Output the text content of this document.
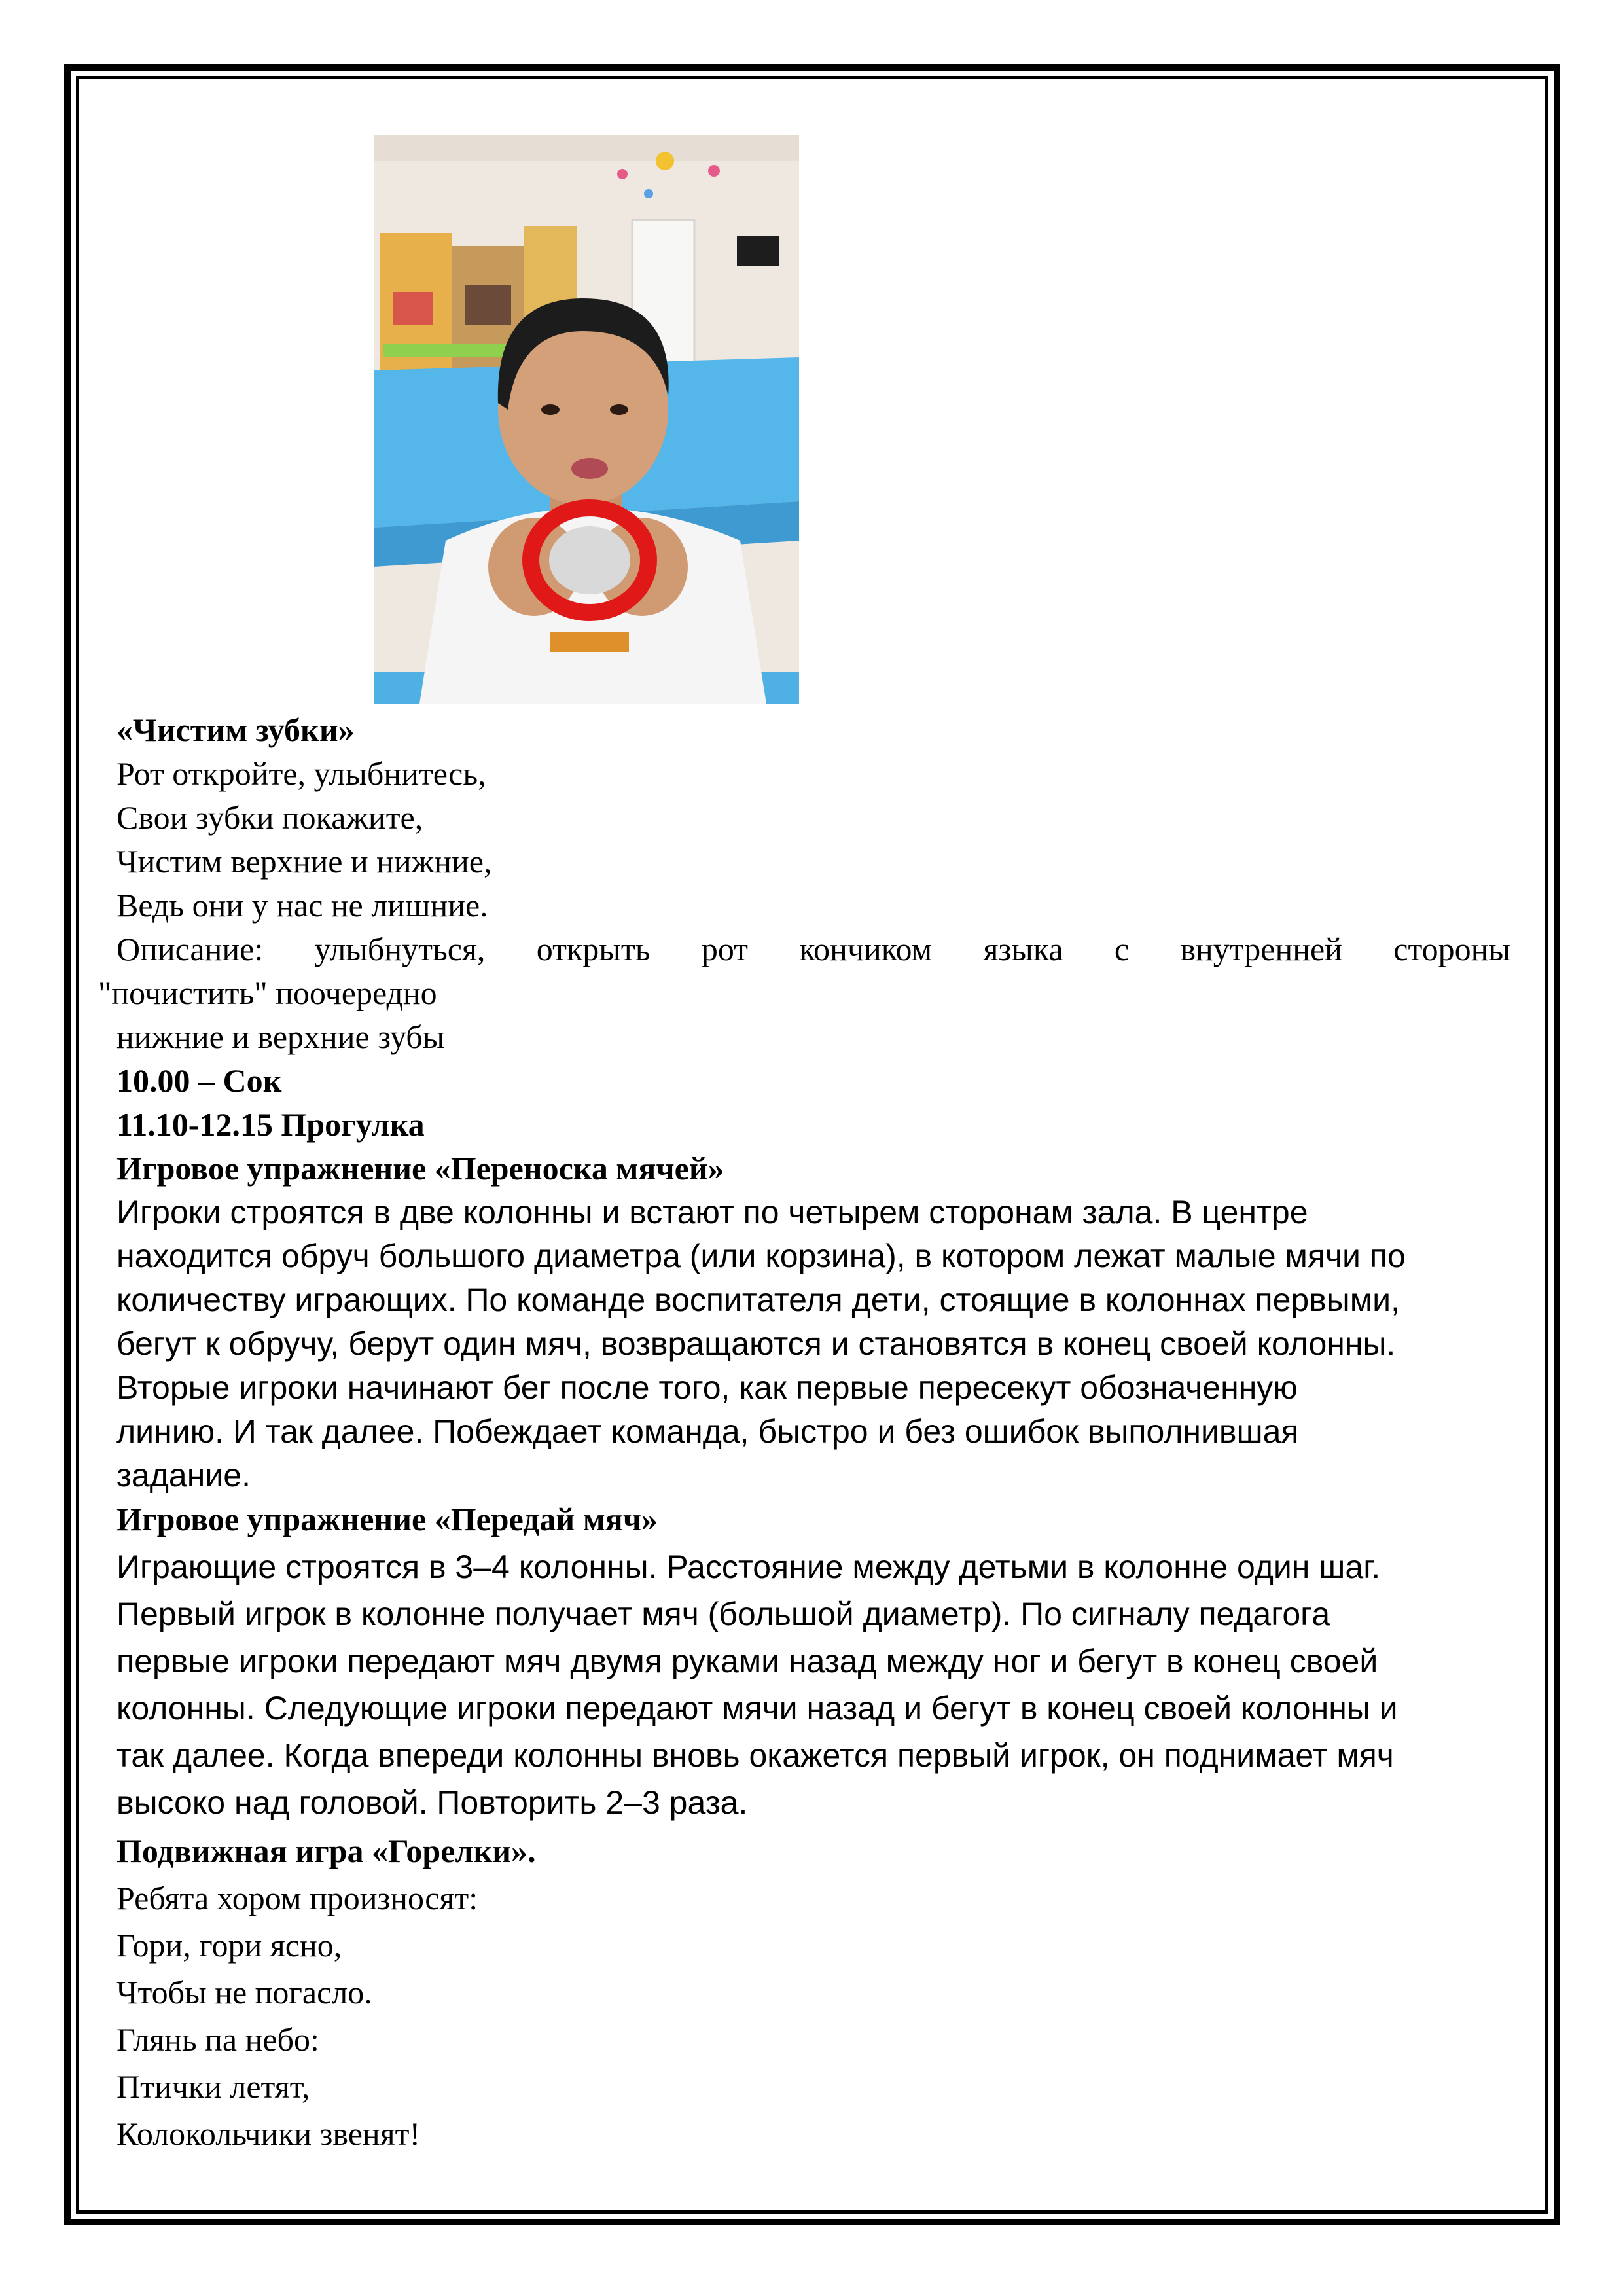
«Чистим зубки»
Рот откройте, улыбнитесь,
Свои зубки покажите,
Чистим верхние и нижние,
Ведь они у нас не лишние.
Описание: улыбнуться, открыть рот кончиком языка с внутренней стороны
"почистить" поочередно
нижние и верхние зубы
10.00 – Сок
11.10-12.15 Прогулка
Игровое упражнение «Переноска мячей»
Игроки строятся в две колонны и встают по четырем сторонам зала. В центре
находится обруч большого диаметра (или корзина), в котором лежат малые мячи по
количеству играющих. По команде воспитателя дети, стоящие в колоннах первыми,
бегут к обручу, берут один мяч, возвращаются и становятся в конец своей колонны.
Вторые игроки начинают бег после того, как первые пересекут обозначенную
линию. И так далее. Побеждает команда, быстро и без ошибок выполнившая
задание.
Игровое упражнение «Передай мяч»
Играющие строятся в 3–4 колонны. Расстояние между детьми в колонне один шаг.
Первый игрок в колонне получает мяч (большой диаметр). По сигналу педагога
первые игроки передают мяч двумя руками назад между ног и бегут в конец своей
колонны. Следующие игроки передают мячи назад и бегут в конец своей колонны и
так далее. Когда впереди колонны вновь окажется первый игрок, он поднимает мяч
высоко над головой. Повторить 2–3 раза.
Подвижная игра «Горелки».
Ребята хором произносят:
Гори, гори ясно,
Чтобы не погасло.
Глянь па небо:
Птички летят,
Колокольчики звенят!
